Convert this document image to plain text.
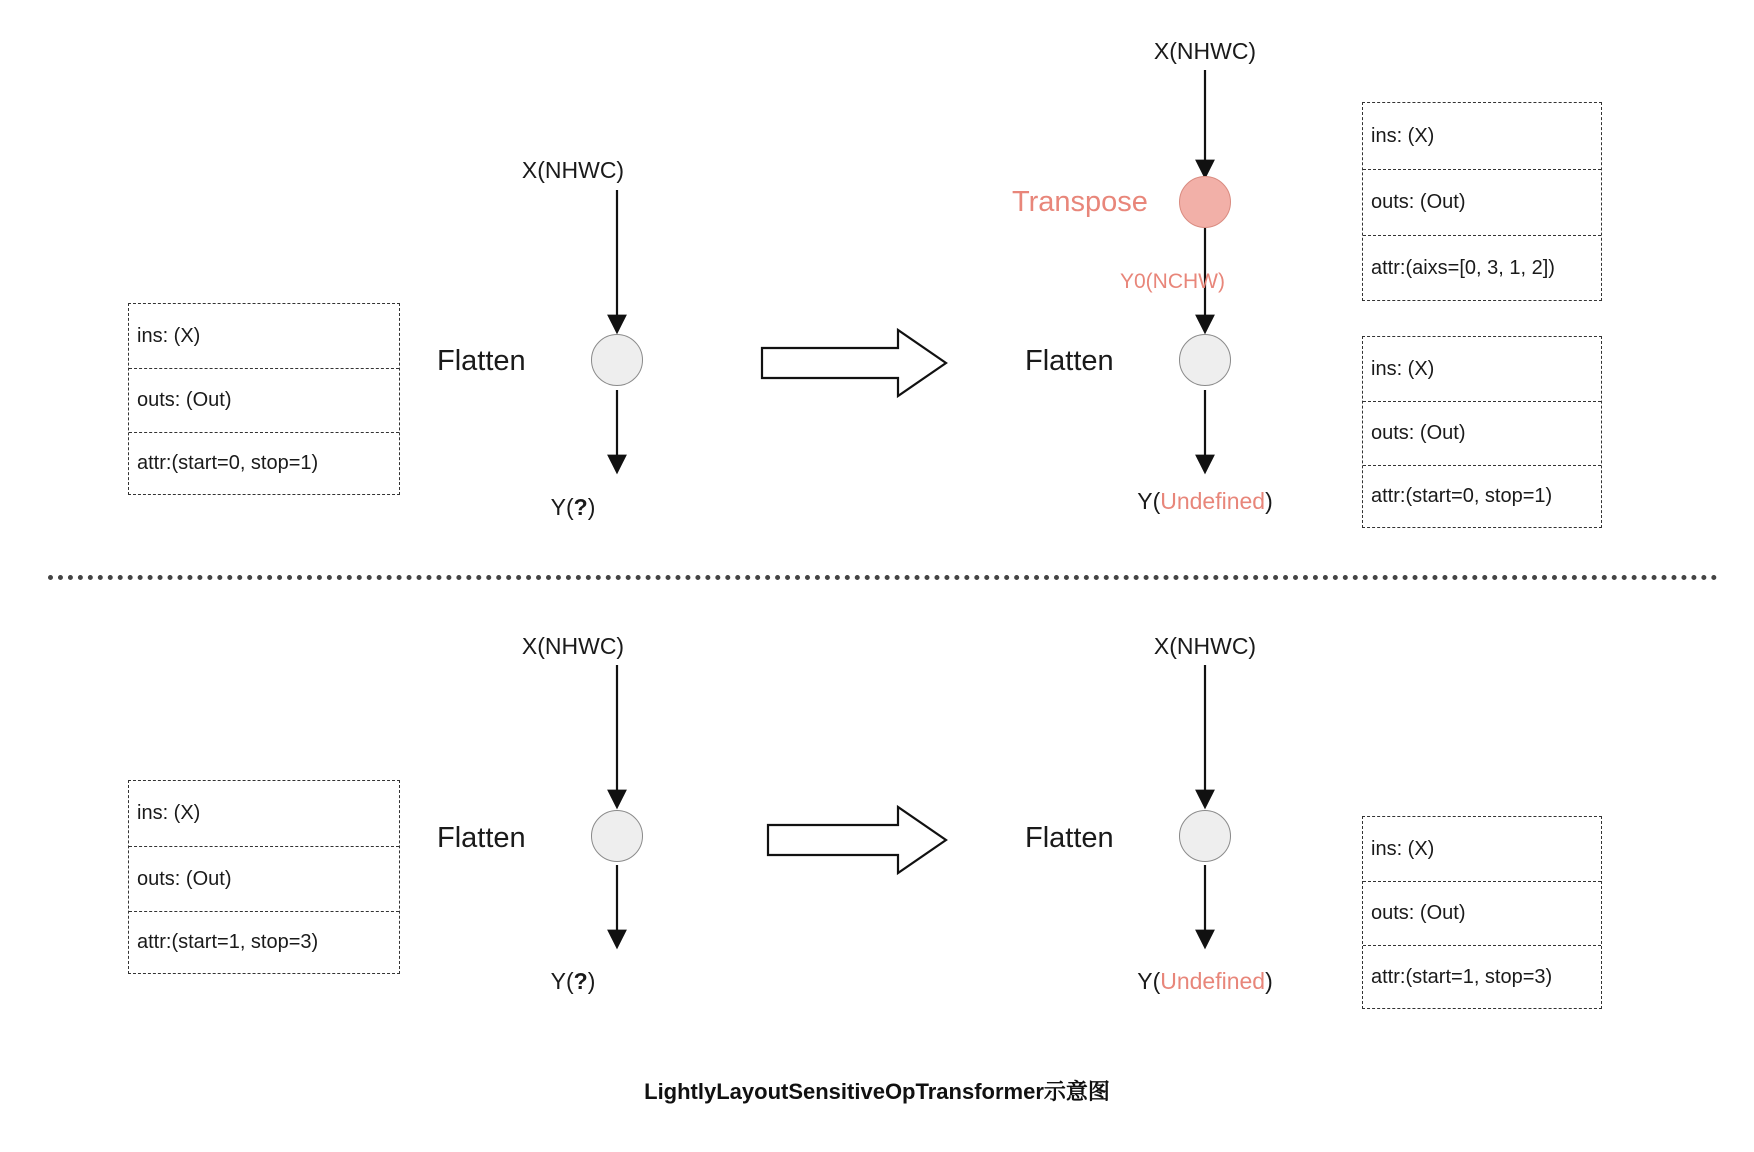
ins: (X)
outs: (Out)
attr:(start=0, stop=1)
X(NHWC)
Flatten
Y(?)
X(NHWC)
Transpose
Y0(NCHW)
Flatten
Y(Undefined)
ins: (X)
outs: (Out)
attr:(aixs=[0, 3, 1, 2])
ins: (X)
outs: (Out)
attr:(start=0, stop=1)
ins: (X)
outs: (Out)
attr:(start=1, stop=3)
X(NHWC)
Flatten
Y(?)
X(NHWC)
Flatten
Y(Undefined)
ins: (X)
outs: (Out)
attr:(start=1, stop=3)
LightlyLayoutSensitiveOpTransformer示意图
